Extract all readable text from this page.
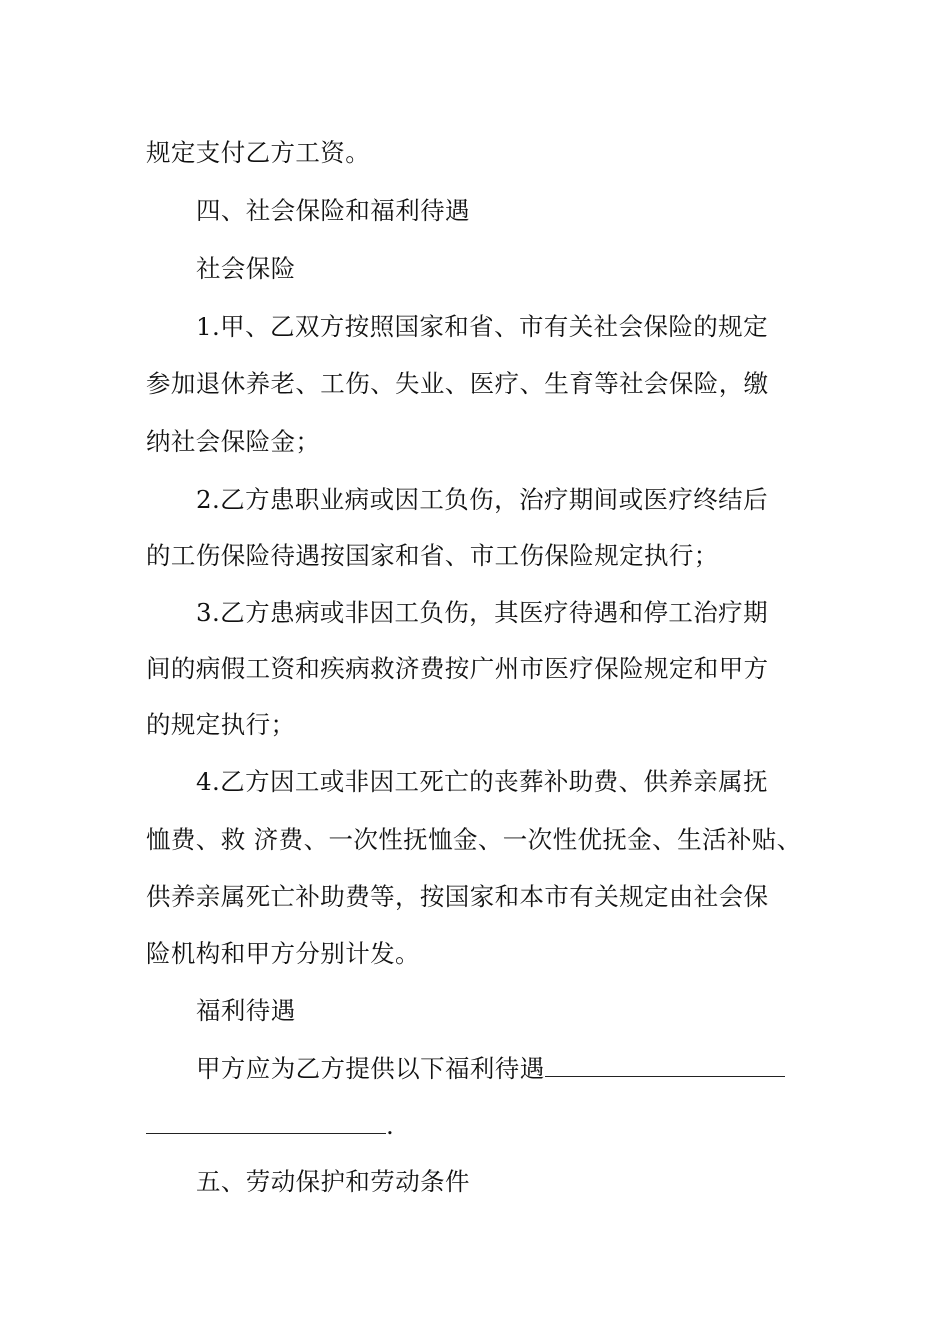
规定支付乙方工资。
四、社会保险和福利待遇
社会保险
1.甲、乙双方按照国家和省、市有关社会保险的规定
参加退休养老、工伤、失业、医疗、生育等社会保险，缴
纳社会保险金；
2.乙方患职业病或因工负伤，治疗期间或医疗终结后
的工伤保险待遇按国家和省、市工伤保险规定执行；
3.乙方患病或非因工负伤，其医疗待遇和停工治疗期
间的病假工资和疾病救济费按广州市医疗保险规定和甲方
的规定执行；
4.乙方因工或非因工死亡的丧葬补助费、供养亲属抚
恤费、救 济费、一次性抚恤金、一次性优抚金、生活补贴、
供养亲属死亡补助费等，按国家和本市有关规定由社会保
险机构和甲方分别计发。
福利待遇
甲方应为乙方提供以下福利待遇
.
五、劳动保护和劳动条件
